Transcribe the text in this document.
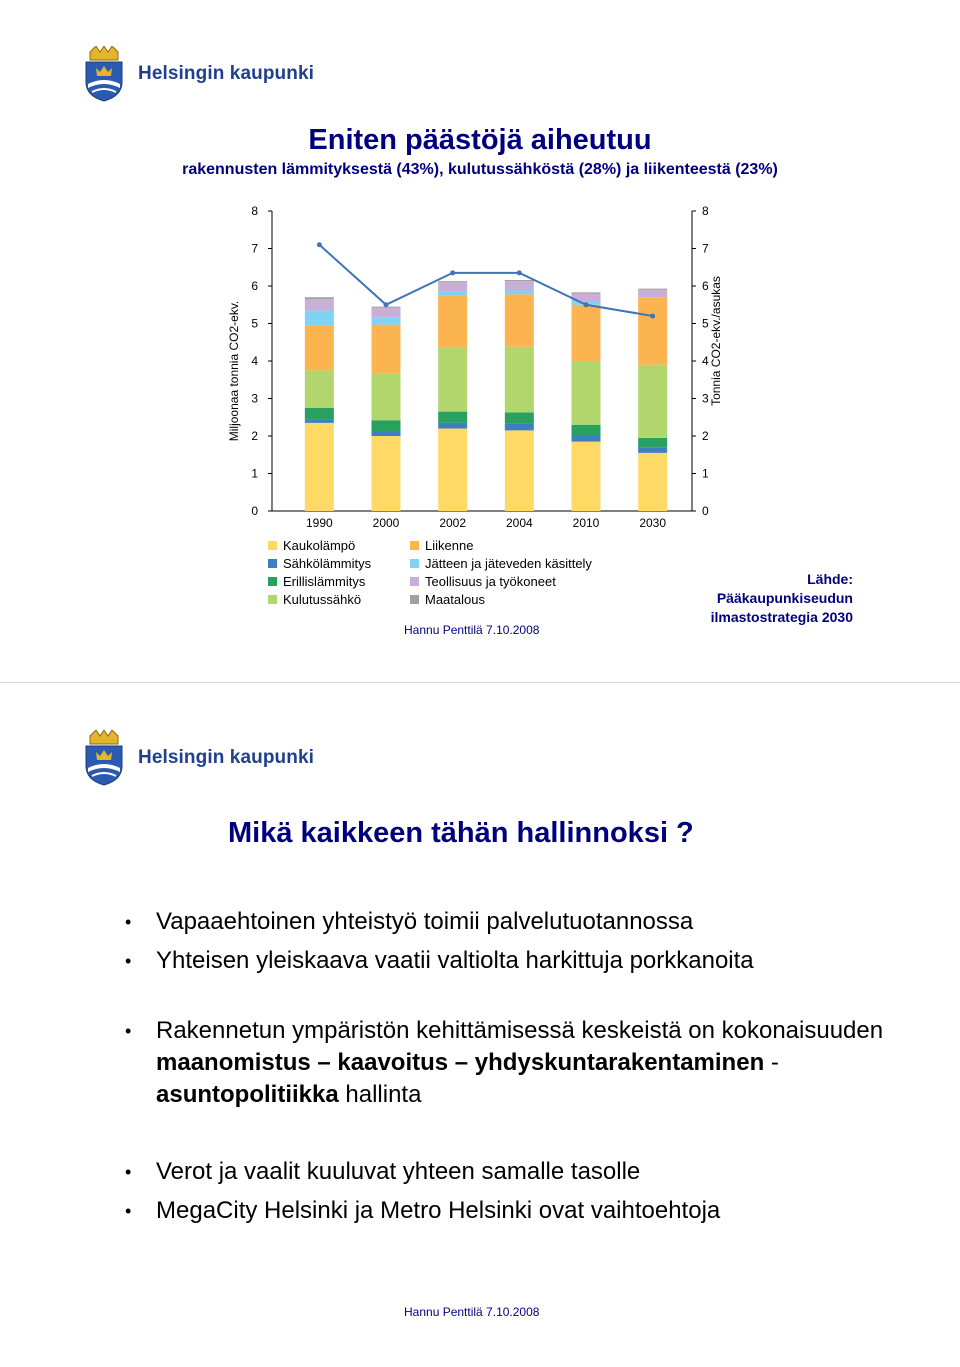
Helsingin kaupunki
Eniten päästöjä aiheutuu
rakennusten lämmityksestä (43%), kulutussähköstä (28%) ja liikenteestä (23%)
0	0
1	1
2	2
3	3
4	4
5	5
6	6
7	7
8	8
Miljoonaa tonnia CO2-ekv.	Tonnia CO2-ekv./asukas
1990	2000	2002	2004	2010	2030
Kaukolämpö
Sähkölämmitys
Erillislämmitys
Kulutussähkö
Liikenne
Jätteen ja jäteveden käsittely
Teollisuus ja työkoneet
Maatalous
Lähde:
Pääkaupunkiseudun
ilmastostrategia 2030
Hannu Penttilä 7.10.2008
Helsingin kaupunki
Mikä kaikkeen tähän hallinnoksi ?
• Vapaaehtoinen yhteistyö toimii palvelutuotannossa
• Yhteisen yleiskaava vaatii valtiolta harkittuja porkkanoita
• Rakennetun ympäristön kehittämisessä keskeistä on kokonaisuuden maanomistus – kaavoitus – yhdyskuntarakentaminen - asuntopolitiikka hallinta
• Verot ja vaalit kuuluvat yhteen samalle tasolle
• MegaCity Helsinki ja Metro Helsinki ovat vaihtoehtoja
Hannu Penttilä 7.10.2008
